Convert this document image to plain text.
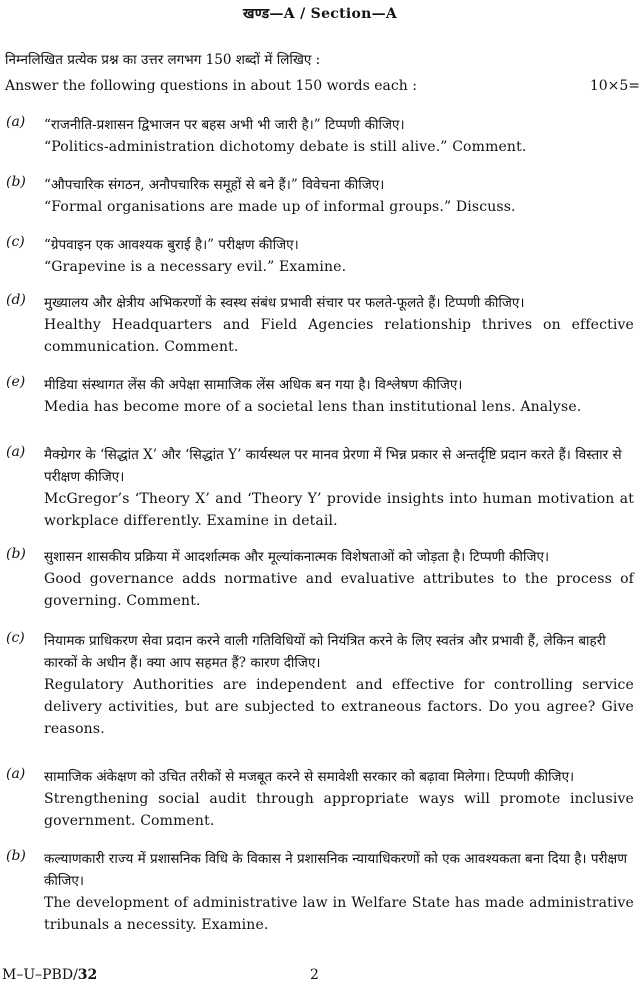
खण्ड—A / Section—A
निम्नलिखित प्रत्येक प्रश्न का उत्तर लगभग 150 शब्दों में लिखिए :
Answer the following questions in about 150 words each :	10×5=
(a) “राजनीति-प्रशासन द्विभाजन पर बहस अभी भी जारी है।” टिप्पणी कीजिए।
“Politics-administration dichotomy debate is still alive.” Comment.
(b) “औपचारिक संगठन, अनौपचारिक समूहों से बने हैं।” विवेचना कीजिए।
“Formal organisations are made up of informal groups.” Discuss.
(c) “ग्रेपवाइन एक आवश्यक बुराई है।” परीक्षण कीजिए।
“Grapevine is a necessary evil.” Examine.
(d) मुख्यालय और क्षेत्रीय अभिकरणों के स्वस्थ संबंध प्रभावी संचार पर फलते-फूलते हैं। टिप्पणी कीजिए।
Healthy Headquarters and Field Agencies relationship thrives on effective communication. Comment.
(e) मीडिया संस्थागत लेंस की अपेक्षा सामाजिक लेंस अधिक बन गया है। विश्लेषण कीजिए।
Media has become more of a societal lens than institutional lens. Analyse.
(a) मैक्ग्रेगर के ‘सिद्धांत X’ और ‘सिद्धांत Y’ कार्यस्थल पर मानव प्रेरणा में भिन्न प्रकार से अन्तर्दृष्टि प्रदान करते हैं। विस्तार से परीक्षण कीजिए।
McGregor’s ‘Theory X’ and ‘Theory Y’ provide insights into human motivation at workplace differently. Examine in detail.
(b) सुशासन शासकीय प्रक्रिया में आदर्शात्मक और मूल्यांकनात्मक विशेषताओं को जोड़ता है। टिप्पणी कीजिए।
Good governance adds normative and evaluative attributes to the process of governing. Comment.
(c) नियामक प्राधिकरण सेवा प्रदान करने वाली गतिविधियों को नियंत्रित करने के लिए स्वतंत्र और प्रभावी हैं, लेकिन बाहरी कारकों के अधीन हैं। क्या आप सहमत हैं? कारण दीजिए।
Regulatory Authorities are independent and effective for controlling service delivery activities, but are subjected to extraneous factors. Do you agree? Give reasons.
(a) सामाजिक अंकेक्षण को उचित तरीकों से मजबूत करने से समावेशी सरकार को बढ़ावा मिलेगा। टिप्पणी कीजिए।
Strengthening social audit through appropriate ways will promote inclusive government. Comment.
(b) कल्याणकारी राज्य में प्रशासनिक विधि के विकास ने प्रशासनिक न्यायाधिकरणों को एक आवश्यकता बना दिया है। परीक्षण कीजिए।
The development of administrative law in Welfare State has made administrative tribunals a necessity. Examine.
M–U–PBD/32	2
